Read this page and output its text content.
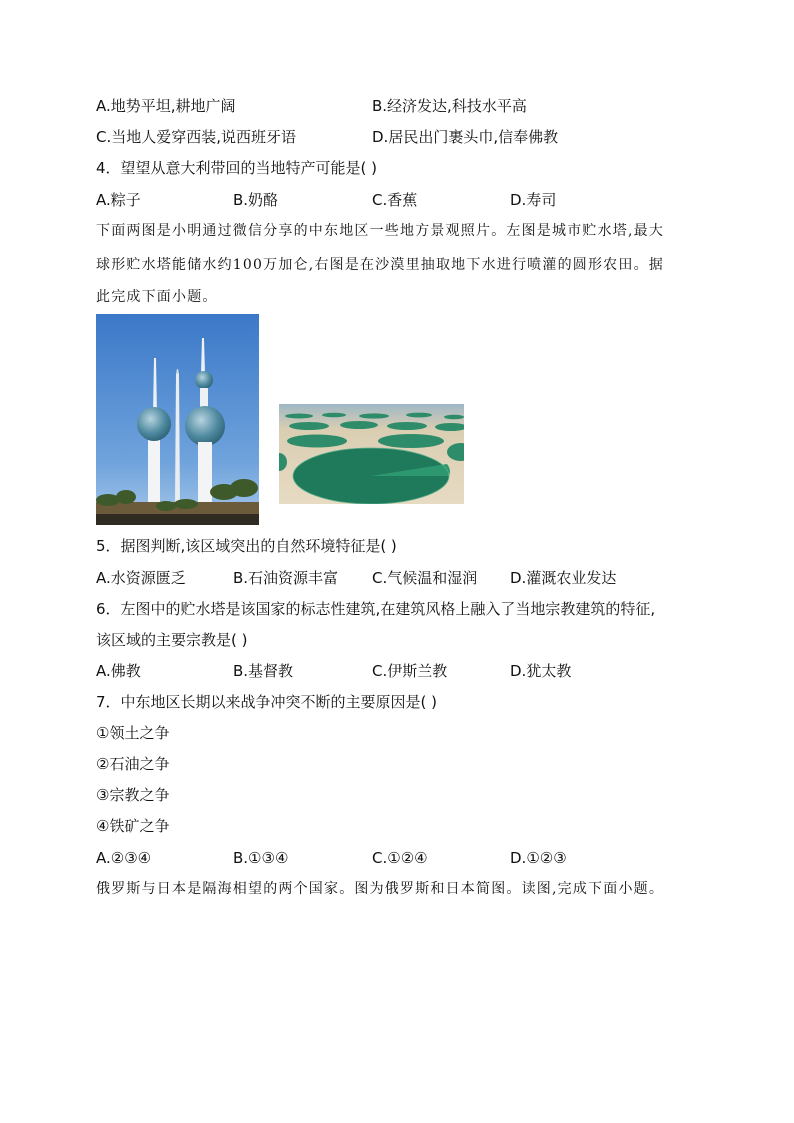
A.地势平坦,耕地广阔	B.经济发达,科技水平高
C.当地人爱穿西装,说西班牙语	D.居民出门裹头巾,信奉佛教
4．望望从意大利带回的当地特产可能是( )
A.粽子	B.奶酪	C.香蕉	D.寿司
下面两图是小明通过微信分享的中东地区一些地方景观照片。左图是城市贮水塔,最大
球形贮水塔能储水约100万加仑,右图是在沙漠里抽取地下水进行喷灌的圆形农田。据
此完成下面小题。
5．据图判断,该区域突出的自然环境特征是( )
A.水资源匮乏	B.石油资源丰富 C.气候温和湿润 D.灌溉农业发达
6．左图中的贮水塔是该国家的标志性建筑,在建筑风格上融入了当地宗教建筑的特征,
该区域的主要宗教是( )
A.佛教	B.基督教	C.伊斯兰教	D.犹太教
7．中东地区长期以来战争冲突不断的主要原因是( )
①领土之争
②石油之争
③宗教之争
④铁矿之争
A.②③④	B.①③④	C.①②④	D.①②③
俄罗斯与日本是隔海相望的两个国家。图为俄罗斯和日本简图。读图,完成下面小题。
